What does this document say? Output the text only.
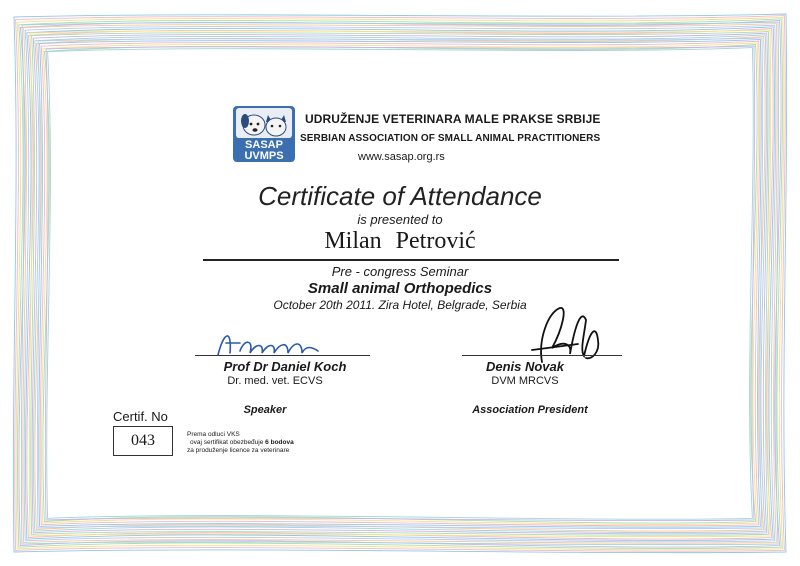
SASAP
UVMPS
UDRUŽENJE VETERINARA MALE PRAKSE SRBIJE
SERBIAN ASSOCIATION OF SMALL ANIMAL PRACTITIONERS
www.sasap.org.rs
Certificate of Attendance
is presented to
Milan Petrović
Pre - congress Seminar
Small animal Orthopedics
October 20th 2011. Zira Hotel, Belgrade, Serbia
Prof Dr Daniel Koch
Dr. med. vet. ECVS
Speaker
Denis Novak
DVM MRCVS
Association President
Certif. No
043	Prema odluci VKS
ovaj sertifikat obezbeđuje 6 bodova
za produženje licence za veterinare
